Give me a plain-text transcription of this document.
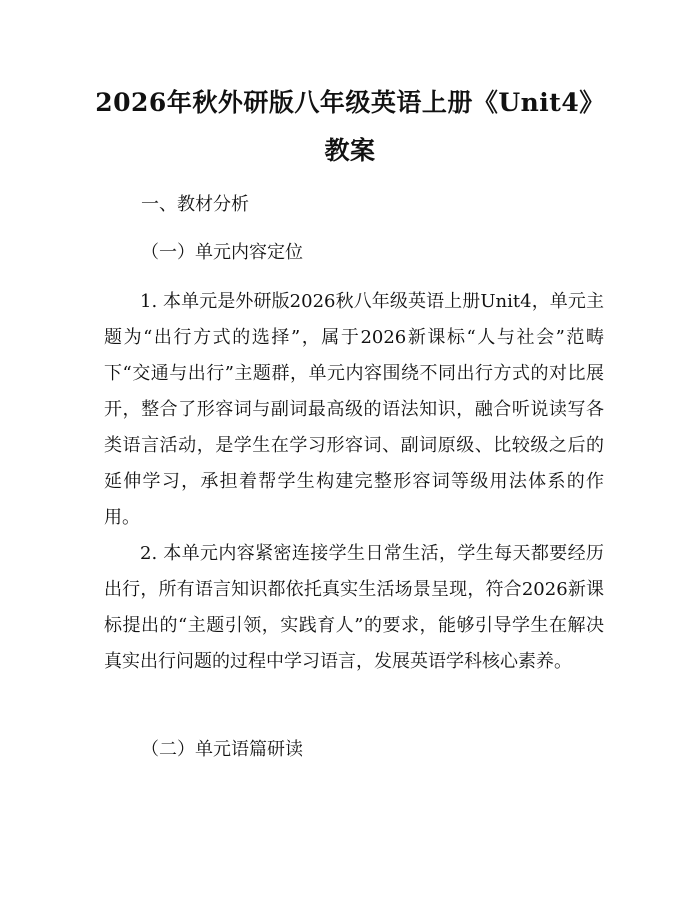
2026年秋外研版八年级英语上册《Unit4》
教案
一、教材分析
（一）单元内容定位

1. 本单元是外研版2026秋八年级英语上册Unit4，单元主题为“出行方式的选择”，属于2026新课标“人与社会”范畴下“交通与出行”主题群，单元内容围绕不同出行方式的对比展开，整合了形容词与副词最高级的语法知识，融合听说读写各类语言活动，是学生在学习形容词、副词原级、比较级之后的延伸学习，承担着帮学生构建完整形容词等级用法体系的作用。

2. 本单元内容紧密连接学生日常生活，学生每天都要经历出行，所有语言知识都依托真实生活场景呈现，符合2026新课标提出的“主题引领，实践育人”的要求，能够引导学生在解决真实出行问题的过程中学习语言，发展英语学科核心素养。

（二）单元语篇研读
